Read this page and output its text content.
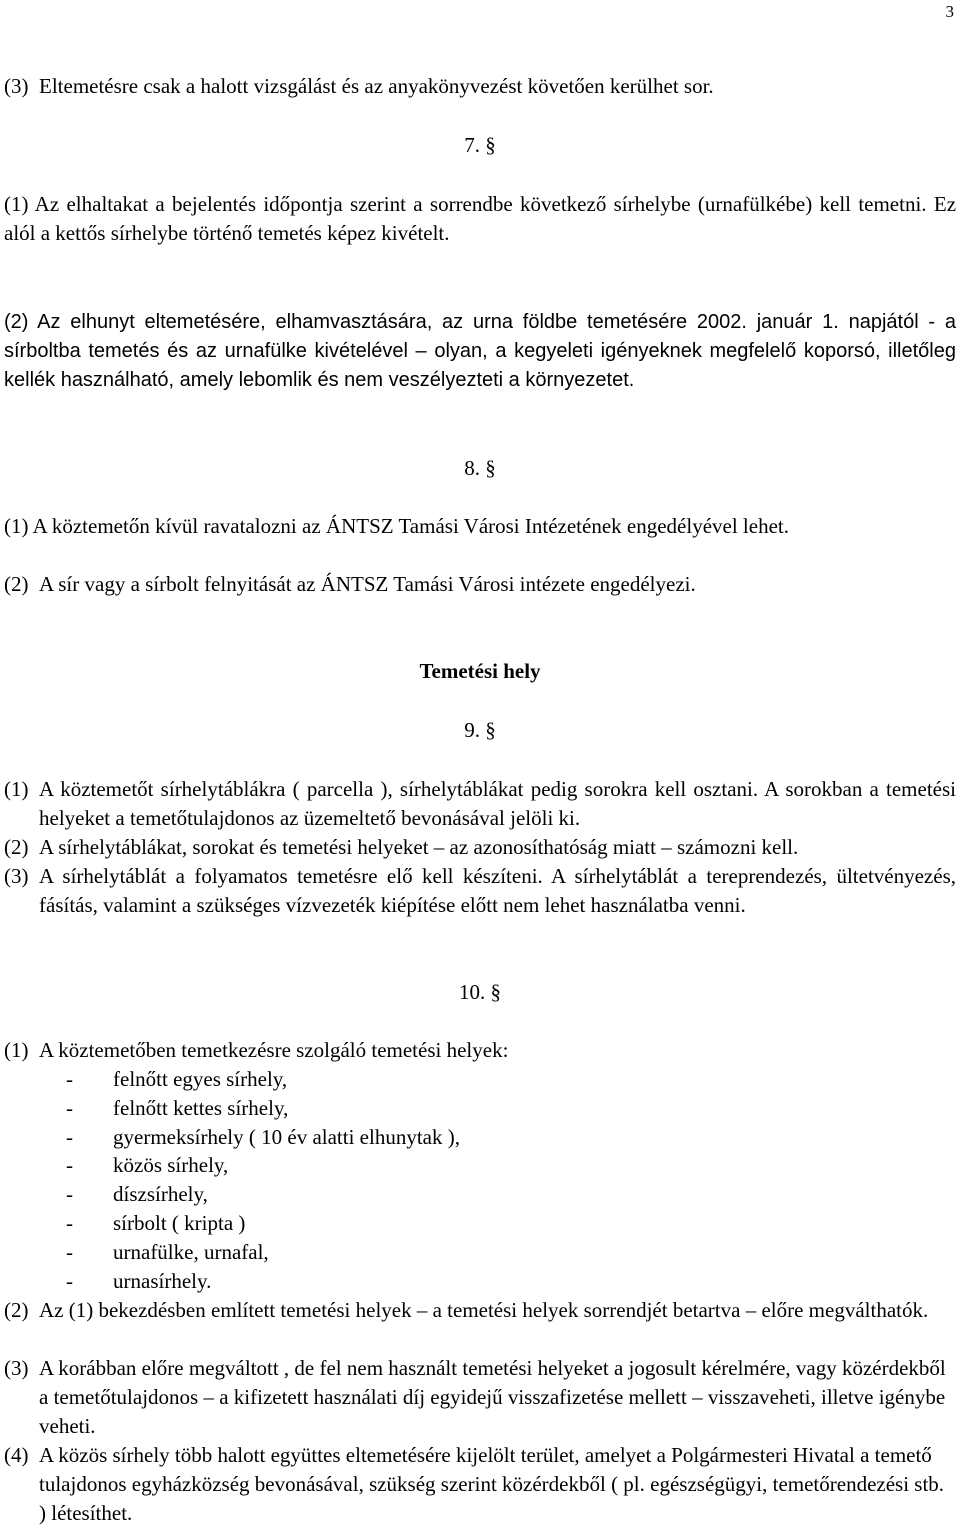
3
(3) Eltemetésre csak a halott vizsgálást és az anyakönyvezést követően kerülhet sor.
7. §
(1) Az elhaltakat a bejelentés időpontja szerint a sorrendbe következő sírhelybe (urnafülkébe) kell temetni. Ez alól a kettős sírhelybe történő temetés képez kivételt.
(2) Az elhunyt eltemetésére, elhamvasztására, az urna földbe temetésére 2002. január 1. napjától - a sírboltba temetés és az urnafülke kivételével – olyan, a kegyeleti igényeknek megfelelő koporsó, illetőleg kellék használható, amely lebomlik és nem veszélyezteti a környezetet.
8. §
(1) A köztemetőn kívül ravatalozni az ÁNTSZ Tamási Városi Intézetének engedélyével lehet.
(2) A sír vagy a sírbolt felnyitását az ÁNTSZ Tamási Városi intézete engedélyezi.
Temetési hely
9. §
(1) A köztemetőt sírhelytáblákra ( parcella ), sírhelytáblákat pedig sorokra kell osztani. A sorokban a temetési helyeket a temetőtulajdonos az üzemeltető bevonásával jelöli ki.
(2) A sírhelytáblákat, sorokat és temetési helyeket – az azonosíthatóság miatt – számozni kell.
(3) A sírhelytáblát a folyamatos temetésre elő kell készíteni. A sírhelytáblát a tereprendezés, ültetvényezés, fásítás, valamint a szükséges vízvezeték kiépítése előtt nem lehet használatba venni.
10. §
(1) A köztemetőben temetkezésre szolgáló temetési helyek:
-	felnőtt egyes sírhely,
-	felnőtt kettes sírhely,
-	gyermeksírhely ( 10 év alatti elhunytak ),
-	közös sírhely,
-	díszsírhely,
-	sírbolt ( kripta )
-	urnafülke, urnafal,
-	urnasírhely.
(2) Az (1) bekezdésben említett temetési helyek – a temetési helyek sorrendjét betartva – előre megválthatók.
(3) A korábban előre megváltott , de fel nem használt temetési helyeket a jogosult kérelmére, vagy közérdekből a temetőtulajdonos – a kifizetett használati díj egyidejű visszafizetése mellett – visszaveheti, illetve igénybe veheti.
(4) A közös sírhely több halott együttes eltemetésére kijelölt terület, amelyet a Polgármesteri Hivatal a temető tulajdonos egyházközség bevonásával, szükség szerint közérdekből ( pl. egészségügyi, temetőrendezési stb. ) létesíthet.
